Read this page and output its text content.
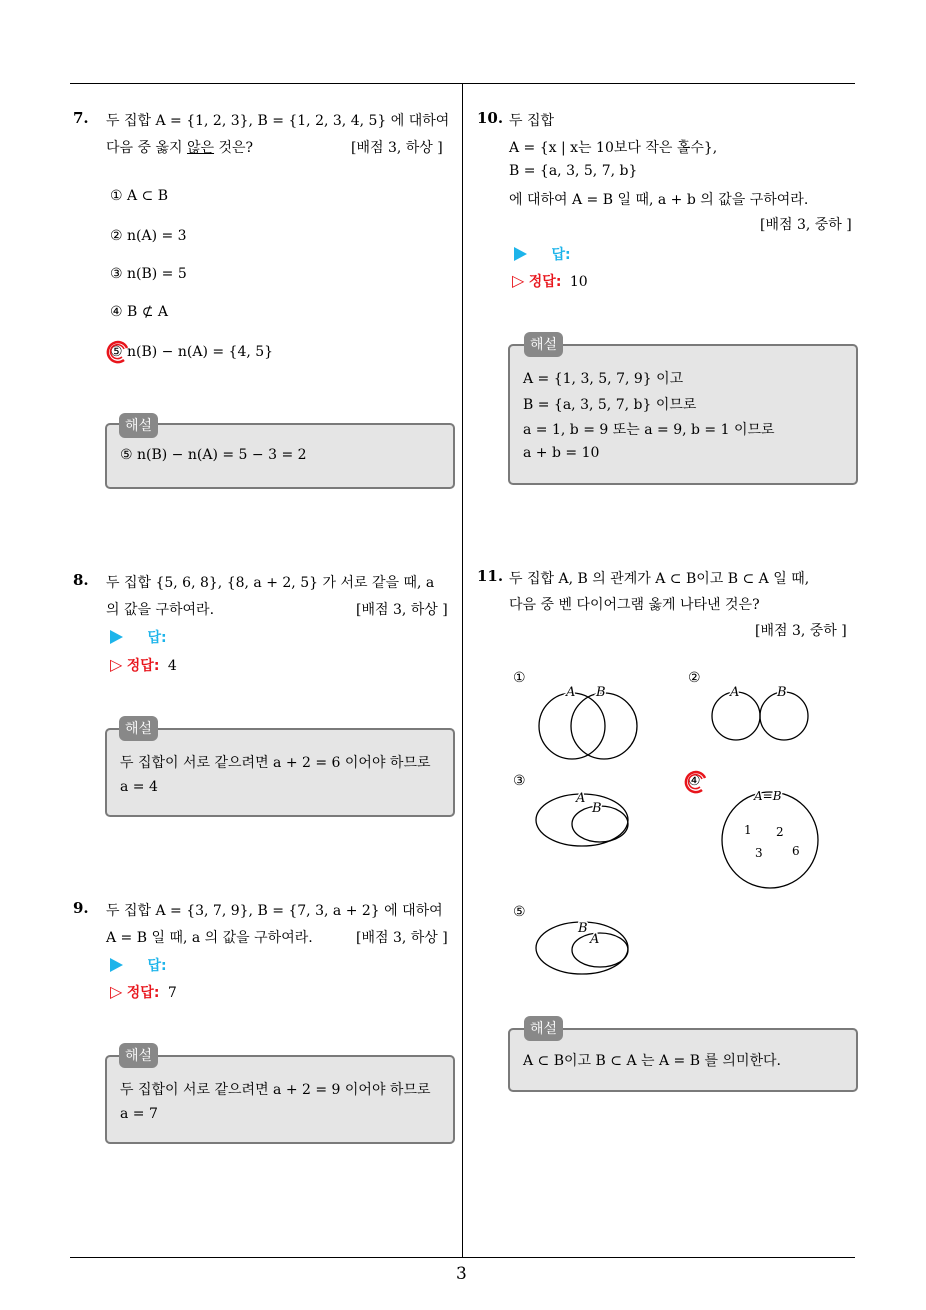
3
7. 두 집합 A = {1, 2, 3}, B = {1, 2, 3, 4, 5} 에 대하여
다음 중 옳지 않은 것은?	[배점 3, 하상 ]
① A ⊂ B
② n(A) = 3
③ n(B) = 5
④ B ⊄ A
⑤ n(B) − n(A) = {4, 5}
⑤ n(B) − n(A) = 5 − 3 = 2
해설
8. 두 집합 {5, 6, 8}, {8, a + 2, 5} 가 서로 같을 때, a
의 값을 구하여라.	[배점 3, 하상 ]
답:
▷ 정답: 4
두 집합이 서로 같으려면 a + 2 = 6 이어야 하므로
a = 4
해설
9. 두 집합 A = {3, 7, 9}, B = {7, 3, a + 2} 에 대하여
A = B 일 때, a 의 값을 구하여라.	[배점 3, 하상 ]
답:
▷ 정답: 7
두 집합이 서로 같으려면 a + 2 = 9 이어야 하므로
a = 7
해설
10. 두 집합
A = {x | x는 10보다 작은 홀수},
B = {a, 3, 5, 7, b}
에 대하여 A = B 일 때, a + b 의 값을 구하여라.
[배점 3, 중하 ]
답:
▷ 정답: 10
A = {1, 3, 5, 7, 9} 이고
B = {a, 3, 5, 7, b} 이므로
a = 1, b = 9 또는 a = 9, b = 1 이므로
a + b = 10
해설
11. 두 집합 A, B 의 관계가 A ⊂ B이고 B ⊂ A 일 때,
다음 중 벤 다이어그램 옳게 나타낸 것은?
[배점 3, 중하 ]
①	②
③	④
⑤
A B	A	B
A
B
A=B
1 2
3 6
B
A
A ⊂ B이고 B ⊂ A 는 A = B 를 의미한다.
해설
